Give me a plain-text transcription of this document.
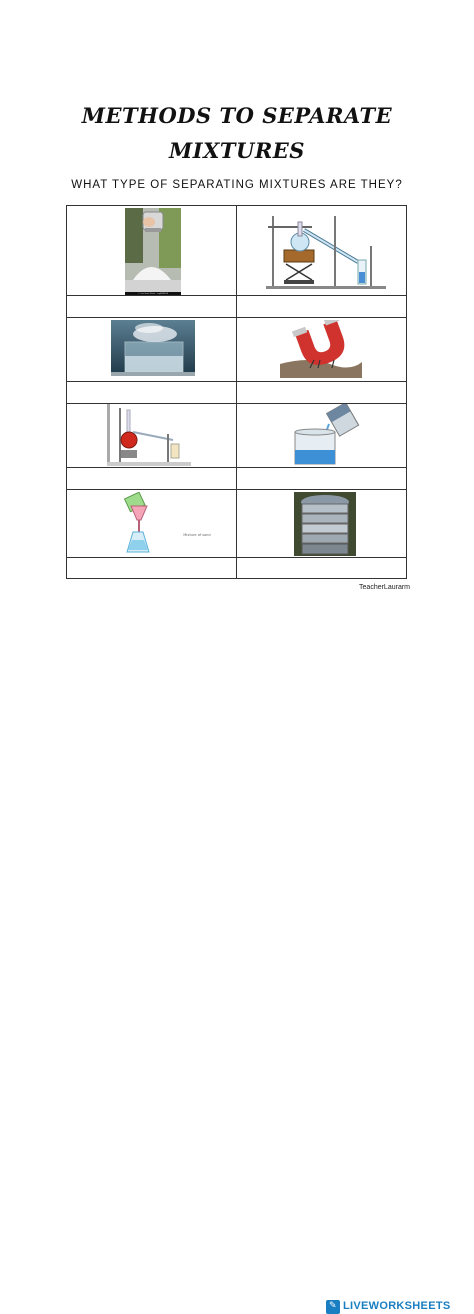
METHODS TO SEPARATE
MIXTURES
WHAT TYPE OF SEPARATING MIXTURES ARE THEY?
© Can Stock Photo - csp4089626
Mixture of sand
TeacherLaurarm
✎ LIVEWORKSHEETS
